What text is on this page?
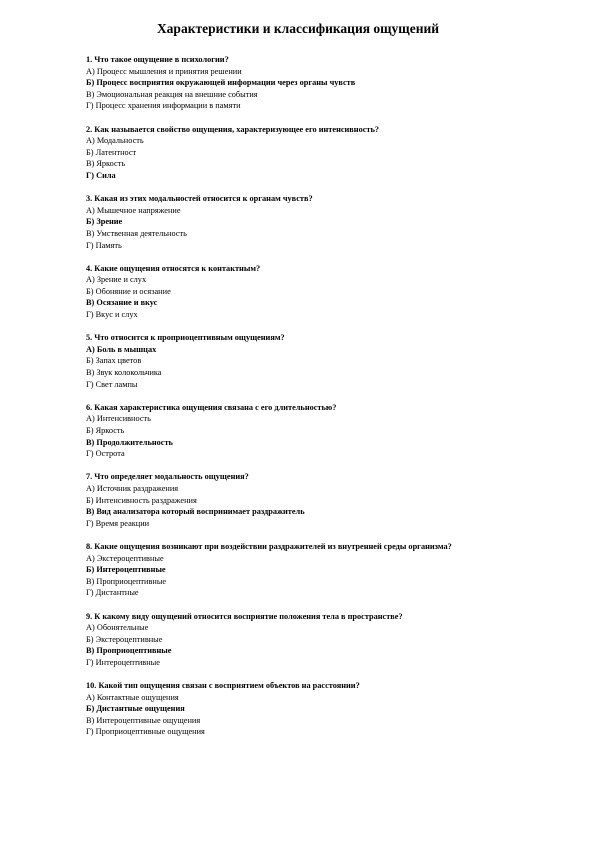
Характеристики и классификация ощущений
1. Что такое ощущение в психологии?
А) Процесс мышления и принятия решении
Б) Процесс восприятия окружающей информации через органы чувств
В) Эмоциональная реакция на внешние события
Г) Процесс хранения информации в памяти
2. Как называется свойство ощущения, характеризующее его интенсивность?
А) Модальность
Б) Латентност
В) Яркость
Г) Сила
3. Какая из этих модальностей относится к органам чувств?
А) Мышечное напряжение
Б) Зрение
В) Умственная деятельность
Г) Память
4. Какие ощущения относятся к контактным?
А) Зрение и слух
Б) Обоняние и осязание
В) Осязание и вкус
Г) Вкус и слух
5. Что относится к проприоцептивным ощущениям?
А) Боль в мышцах
Б) Запах цветов
В) Звук колокольчика
Г) Свет лампы
6. Какая характеристика ощущения связана с его длительностью?
А) Интенсивность
Б) Яркость
В) Продолжительность
Г) Острота
7. Что определяет модальность ощущения?
А) Источник раздражения
Б) Интенсивность раздражения
В) Вид анализатора который воспринимает раздражитель
Г) Время реакции
8. Какие ощущения возникают при воздействии раздражителей из внутренней среды организма?
А) Экстероцептивные
Б) Интероцептивные
В) Проприоцептивные
Г) Дистантные
9. К какому виду ощущений относится восприятие положения тела в пространстве?
А) Обонятельные
Б) Экстероцептивные
В) Проприоцептивные
Г) Интероцептивные
10. Какой тип ощущения связан с восприятием объектов на расстоянии?
А) Контактные ощущения
Б) Дистантные ощущения
В) Интероцептивные ощущения
Г) Проприоцептивные ощущения
